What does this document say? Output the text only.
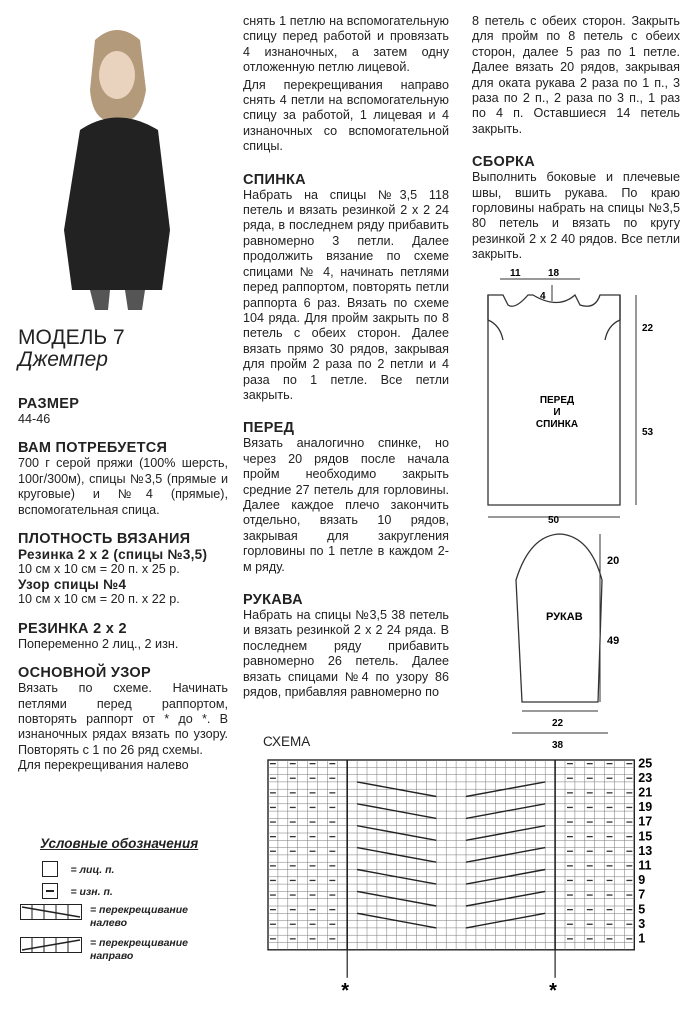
МОДЕЛЬ 7
Джемпер
РАЗМЕР

44-46

ВАМ ПОТРЕБУЕТСЯ

700 г серой пряжи (100% шерсть, 100г/300м), спицы №3,5 (прямые и круговые) и №4 (прямые), вспомогательная спица.

ПЛОТНОСТЬ ВЯЗАНИЯ
Резинка 2 х 2 (спицы №3,5)

10 см х 10 см = 20 п. х 25 р.

Узор спицы №4

10 см х 10 см = 20 п. х 22 р.

РЕЗИНКА 2 х 2

Попеременно 2 лиц., 2 изн.

ОСНОВНОЙ УЗОР

Вязать по схеме. Начинать петлями перед раппортом, повторять раппорт от * до *. В изнаночных рядах вязать по узору. Повторять с 1 по 26 ряд схемы.

Для перекрещивания налево

Условные обозначения
= лиц. п.
= изн. п.
= перекрещивание налево
= перекрещивание направо

снять 1 петлю на вспомогательную спицу перед работой и провязать 4 изнаночных, а затем одну отложенную петлю лицевой.

Для перекрещивания направо снять 4 петли на вспомогательную спицу за работой, 1 лицевая и 4 изнаночных со вспомогательной спицы.

СПИНКА

Набрать на спицы №3,5 118 петель и вязать резинкой 2 х 2 24 ряда, в последнем ряду прибавить равномерно 3 петли. Далее продолжить вязание по схеме спицами № 4, начинать петлями перед раппортом, повторять петли раппорта 6 раз. Вязать по схеме 104 ряда. Для пройм закрыть по 8 петель с обеих сторон. Далее вязать прямо 30 рядов, закрывая для пройм 2 раза по 2 петли и 4 раза по 1 петле. Все петли закрыть.

ПЕРЕД

Вязать аналогично спинке, но через 20 рядов после начала пройм необходимо закрыть средние 27 петель для горловины. Далее каждое плечо закончить отдельно, вязать 10 рядов, закрывая для закругления горловины по 1 петле в каждом 2-м ряду.

РУКАВА

Набрать на спицы №3,5 38 петель и вязать резинкой 2 х 2 24 ряда. В последнем ряду прибавить равномерно 26 петель. Далее вязать спицами №4 по узору 86 рядов, прибавляя равномерно по

8 петель с обеих сторон. Закрыть для пройм по 8 петель с обеих сторон, далее 5 раз по 1 петле. Далее вязать 20 рядов, закрывая для оката рукава 2 раза по 1 п., 3 раза по 2 п., 2 раза по 3 п., 1 раз по 4 п. Оставшиеся 14 петель закрыть.

СБОРКА

Выполнить боковые и плечевые швы, вшить рукава. По краю горловины набрать на спицы №3,5 80 петель и вязать по кругу резинкой 2 х 2 40 рядов. Все петли закрыть.

11	18
4
22
53
50
ПЕРЕД
И
СПИНКА
20
49
22
38
РУКАВ
СХЕМА
25
23
21
19
17
15
13
11
9
7
5
3
1
*	*
